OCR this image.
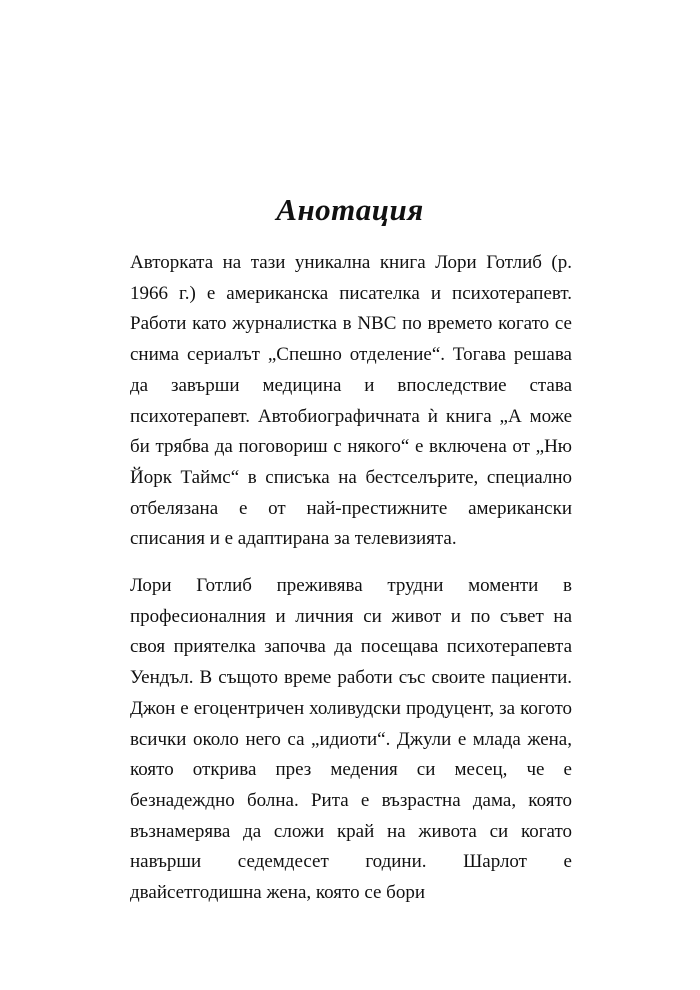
Анотация

Авторката на тази уникална книга Лори Готлиб (р. 1966 г.) е американска писателка и психотерапевт. Работи като журналистка в NBC по времето когато се снима сериалът „Спешно отделение“. Тогава решава да завърши медицина и впоследствие става психотерапевт. Автобиографичната ѝ книга „А може би трябва да поговориш с някого“ е включена от „Ню Йорк Таймс“ в списъка на бестселърите, специално отбелязана е от най-престижните американски списания и е адаптирана за телевизията.

Лори Готлиб преживява трудни моменти в професионалния и личния си живот и по съвет на своя приятелка започва да посещава психотерапевта Уендъл. В същото време работи със своите пациенти. Джон е егоцентричен холивудски продуцент, за когото всички около него са „идиоти“. Джули е млада жена, която открива през медения си месец, че е безнадеждно болна. Рита е възрастна дама, която възнамерява да сложи край на живота си когато навърши седемдесет години. Шарлот е двайсетгодишна жена, която се бори
